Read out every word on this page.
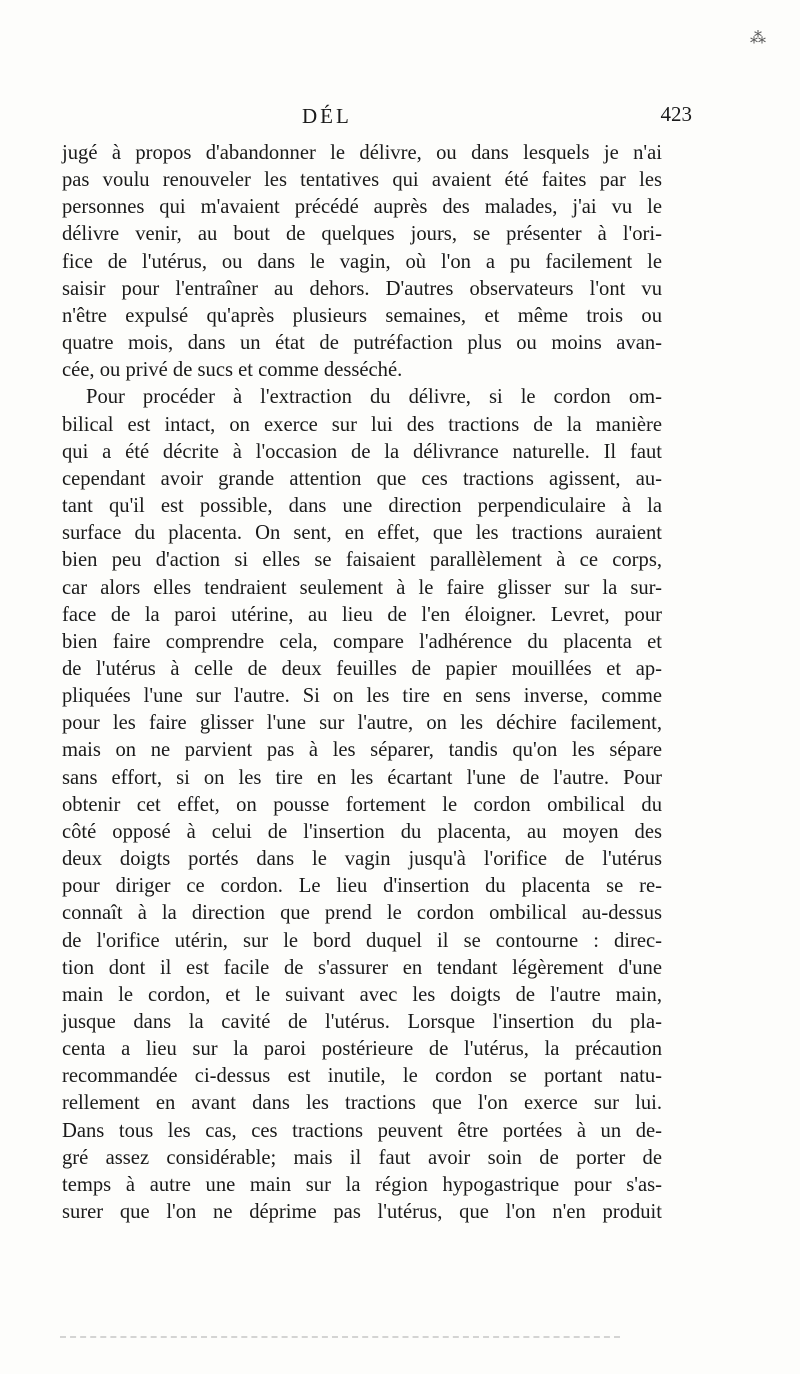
⁂
DÉL	423
jugé à propos d'abandonner le délivre, ou dans lesquels je n'ai
pas voulu renouveler les tentatives qui avaient été faites par les
personnes qui m'avaient précédé auprès des malades, j'ai vu le
délivre venir, au bout de quelques jours, se présenter à l'ori-
fice de l'utérus, ou dans le vagin, où l'on a pu facilement le
saisir pour l'entraîner au dehors. D'autres observateurs l'ont vu
n'être expulsé qu'après plusieurs semaines, et même trois ou
quatre mois, dans un état de putréfaction plus ou moins avan-
cée, ou privé de sucs et comme desséché.
Pour procéder à l'extraction du délivre, si le cordon om-
bilical est intact, on exerce sur lui des tractions de la manière
qui a été décrite à l'occasion de la délivrance naturelle. Il faut
cependant avoir grande attention que ces tractions agissent, au-
tant qu'il est possible, dans une direction perpendiculaire à la
surface du placenta. On sent, en effet, que les tractions auraient
bien peu d'action si elles se faisaient parallèlement à ce corps,
car alors elles tendraient seulement à le faire glisser sur la sur-
face de la paroi utérine, au lieu de l'en éloigner. Levret, pour
bien faire comprendre cela, compare l'adhérence du placenta et
de l'utérus à celle de deux feuilles de papier mouillées et ap-
pliquées l'une sur l'autre. Si on les tire en sens inverse, comme
pour les faire glisser l'une sur l'autre, on les déchire facilement,
mais on ne parvient pas à les séparer, tandis qu'on les sépare
sans effort, si on les tire en les écartant l'une de l'autre. Pour
obtenir cet effet, on pousse fortement le cordon ombilical du
côté opposé à celui de l'insertion du placenta, au moyen des
deux doigts portés dans le vagin jusqu'à l'orifice de l'utérus
pour diriger ce cordon. Le lieu d'insertion du placenta se re-
connaît à la direction que prend le cordon ombilical au-dessus
de l'orifice utérin, sur le bord duquel il se contourne : direc-
tion dont il est facile de s'assurer en tendant légèrement d'une
main le cordon, et le suivant avec les doigts de l'autre main,
jusque dans la cavité de l'utérus. Lorsque l'insertion du pla-
centa a lieu sur la paroi postérieure de l'utérus, la précaution
recommandée ci-dessus est inutile, le cordon se portant natu-
rellement en avant dans les tractions que l'on exerce sur lui.
Dans tous les cas, ces tractions peuvent être portées à un de-
gré assez considérable; mais il faut avoir soin de porter de
temps à autre une main sur la région hypogastrique pour s'as-
surer que l'on ne déprime pas l'utérus, que l'on n'en produit
